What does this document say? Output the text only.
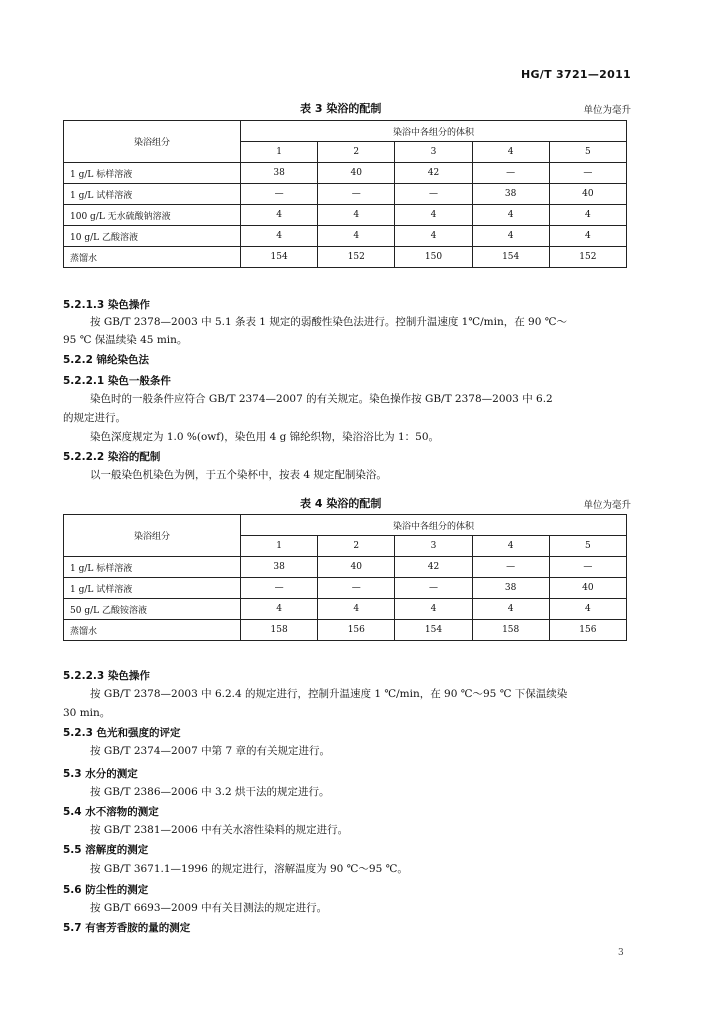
HG/T 3721—2011
表 3 染浴的配制	单位为毫升
染浴组分	染浴中各组分的体积				
	1	2	3	4	5
1 g/L 标样溶液	38	40	42	—	—
1 g/L 试样溶液	—	—	—	38	40
100 g/L 无水硫酸钠溶液	4	4	4	4	4
10 g/L 乙酸溶液	4	4	4	4	4
蒸馏水	154	152	150	154	152
5.2.1.3 染色操作
按 GB/T 2378—2003 中 5.1 条表 1 规定的弱酸性染色法进行。控制升温速度 1℃/min，在 90 ℃～
95 ℃ 保温续染 45 min。
5.2.2 锦纶染色法
5.2.2.1 染色一般条件
染色时的一般条件应符合 GB/T 2374—2007 的有关规定。染色操作按 GB/T 2378—2003 中 6.2
的规定进行。
染色深度规定为 1.0 %(owf)，染色用 4 g 锦纶织物，染浴浴比为 1：50。
5.2.2.2 染浴的配制
以一般染色机染色为例，于五个染杯中，按表 4 规定配制染浴。
表 4 染浴的配制	单位为毫升
染浴组分	染浴中各组分的体积				
	1	2	3	4	5
1 g/L 标样溶液	38	40	42	—	—
1 g/L 试样溶液	—	—	—	38	40
50 g/L 乙酸铵溶液	4	4	4	4	4
蒸馏水	158	156	154	158	156
5.2.2.3 染色操作
按 GB/T 2378—2003 中 6.2.4 的规定进行，控制升温速度 1 ℃/min，在 90 ℃～95 ℃ 下保温续染
30 min。
5.2.3 色光和强度的评定
按 GB/T 2374—2007 中第 7 章的有关规定进行。
5.3 水分的测定
按 GB/T 2386—2006 中 3.2 烘干法的规定进行。
5.4 水不溶物的测定
按 GB/T 2381—2006 中有关水溶性染料的规定进行。
5.5 溶解度的测定
按 GB/T 3671.1—1996 的规定进行，溶解温度为 90 ℃～95 ℃。
5.6 防尘性的测定
按 GB/T 6693—2009 中有关目测法的规定进行。
5.7 有害芳香胺的量的测定
3
